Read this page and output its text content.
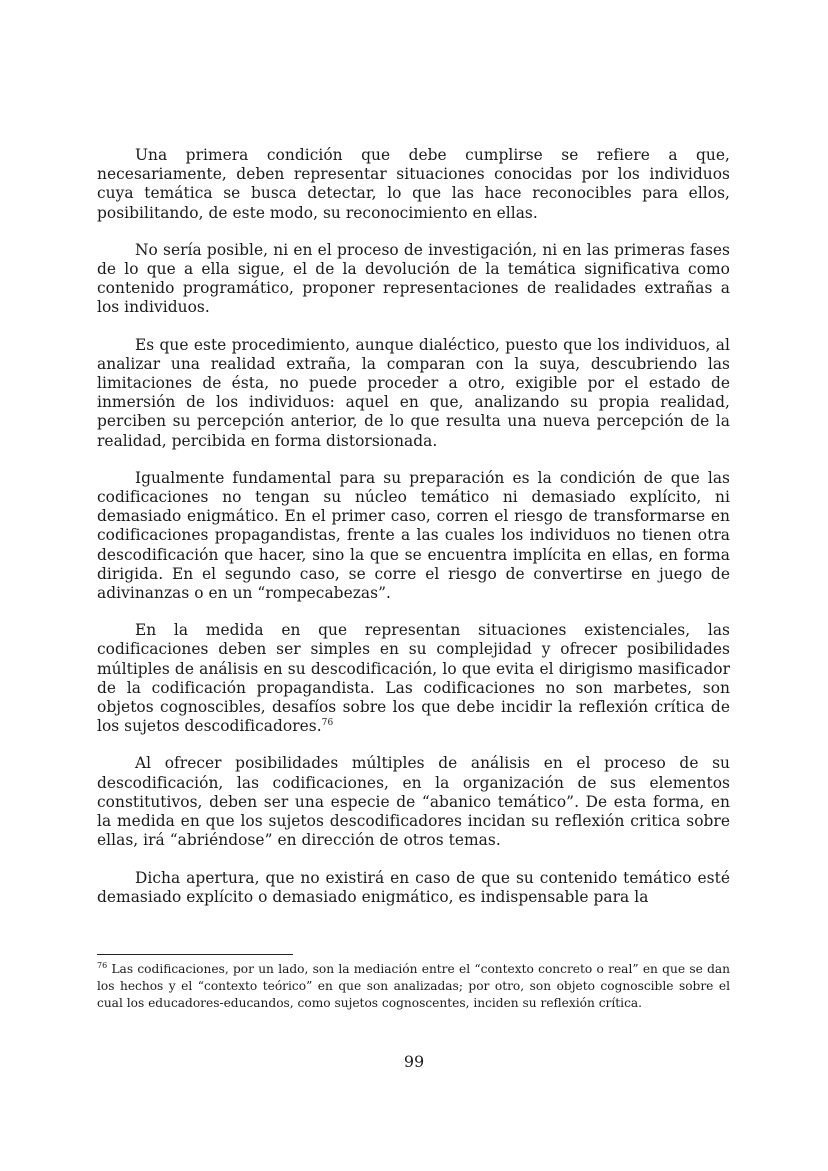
Una primera condición que debe cumplirse se refiere a que, necesariamente, deben representar situaciones conocidas por los individuos cuya temática se busca detectar, lo que las hace reconocibles para ellos, posibilitando, de este modo, su reconocimiento en ellas.

No sería posible, ni en el proceso de investigación, ni en las primeras fases de lo que a ella sigue, el de la devolución de la temática significativa como contenido programático, proponer representaciones de realidades extrañas a los individuos.

Es que este procedimiento, aunque dialéctico, puesto que los individuos, al analizar una realidad extraña, la comparan con la suya, descubriendo las limitaciones de ésta, no puede proceder a otro, exigible por el estado de inmersión de los individuos: aquel en que, analizando su propia realidad, perciben su percepción anterior, de lo que resulta una nueva percepción de la realidad, percibida en forma distorsionada.

Igualmente fundamental para su preparación es la condición de que las codificaciones no tengan su núcleo temático ni demasiado explícito, ni demasiado enigmático. En el primer caso, corren el riesgo de transformarse en codificaciones propagandistas, frente a las cuales los individuos no tienen otra descodificación que hacer, sino la que se encuentra implícita en ellas, en forma dirigida. En el segundo caso, se corre el riesgo de convertirse en juego de adivinanzas o en un “rompecabezas”.

En la medida en que representan situaciones existenciales, las codificaciones deben ser simples en su complejidad y ofrecer posibilidades múltiples de análisis en su descodificación, lo que evita el dirigismo masificador de la codificación propagandista. Las codificaciones no son marbetes, son objetos cognoscibles, desafíos sobre los que debe incidir la reflexión crítica de los sujetos descodificadores.$^{76}$

Al ofrecer posibilidades múltiples de análisis en el proceso de su descodificación, las codificaciones, en la organización de sus elementos constitutivos, deben ser una especie de “abanico temático”. De esta forma, en la medida en que los sujetos descodificadores incidan su reflexión critica sobre ellas, irá “abriéndose” en dirección de otros temas.

Dicha apertura, que no existirá en caso de que su contenido temático esté demasiado explícito o demasiado enigmático, es indispensable para la

$^{76}$ Las codificaciones, por un lado, son la mediación entre el “contexto concreto o real” en que se dan los hechos y el “contexto teórico” en que son analizadas; por otro, son objeto cognoscible sobre el cual los educadores-educandos, como sujetos cognoscentes, inciden su reflexión crítica.

99
